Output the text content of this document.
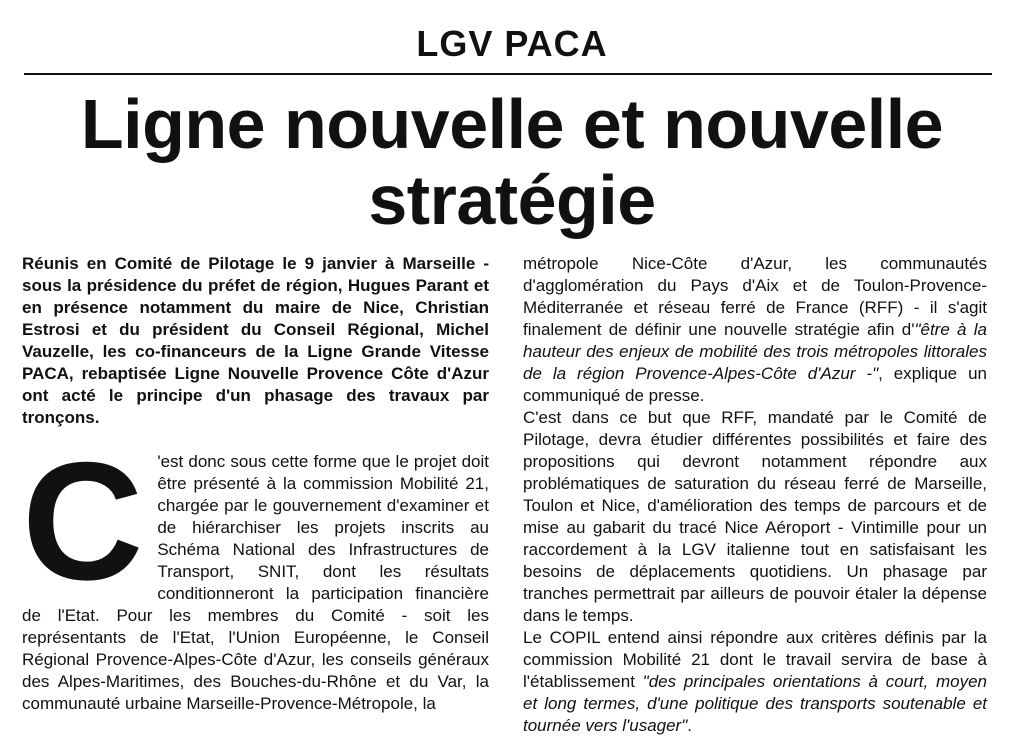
LGV PACA
Ligne nouvelle et nouvelle
stratégie

Réunis en Comité de Pilotage le 9 janvier à Marseille - sous la présidence du préfet de région, Hugues Parant et en présence notamment du maire de Nice, Christian Estrosi et du président du Conseil Régional, Michel Vauzelle, les co-financeurs de la Ligne Grande Vitesse PACA, rebaptisée Ligne Nouvelle Provence Côte d'Azur ont acté le principe d'un phasage des travaux par tronçons.

C 'est donc sous cette forme que le projet doit être présenté à la commission Mobilité 21, chargée par le gouvernement d'examiner et de hiérarchiser les projets inscrits au Schéma National des Infrastructures de Transport, SNIT, dont les résultats conditionneront la participation financière de l'Etat. Pour les membres du Comité - soit les représentants de l'Etat, l'Union Européenne, le Conseil Régional Provence-Alpes-Côte d'Azur, les conseils généraux des Alpes-Maritimes, des Bouches-du-Rhône et du Var, la communauté urbaine Marseille-Provence-Métropole, la

métropole Nice-Côte d'Azur, les communautés d'agglomération du Pays d'Aix et de Toulon-Provence-Méditerranée et réseau ferré de France (RFF) - il s'agit finalement de définir une nouvelle stratégie afin d'"être à la hauteur des enjeux de mobilité des trois métropoles littorales de la région Provence-Alpes-Côte d'Azur -", explique un communiqué de presse.

C'est dans ce but que RFF, mandaté par le Comité de Pilotage, devra étudier différentes possibilités et faire des propositions qui devront notamment répondre aux problématiques de saturation du réseau ferré de Marseille, Toulon et Nice, d'amélioration des temps de parcours et de mise au gabarit du tracé Nice Aéroport - Vintimille pour un raccordement à la LGV italienne tout en satisfaisant les besoins de déplacements quotidiens. Un phasage par tranches permettrait par ailleurs de pouvoir étaler la dépense dans le temps.

Le COPIL entend ainsi répondre aux critères définis par la commission Mobilité 21 dont le travail servira de base à l'établissement "des principales orientations à court, moyen et long termes, d'une politique des transports soutenable et tournée vers l'usager".
